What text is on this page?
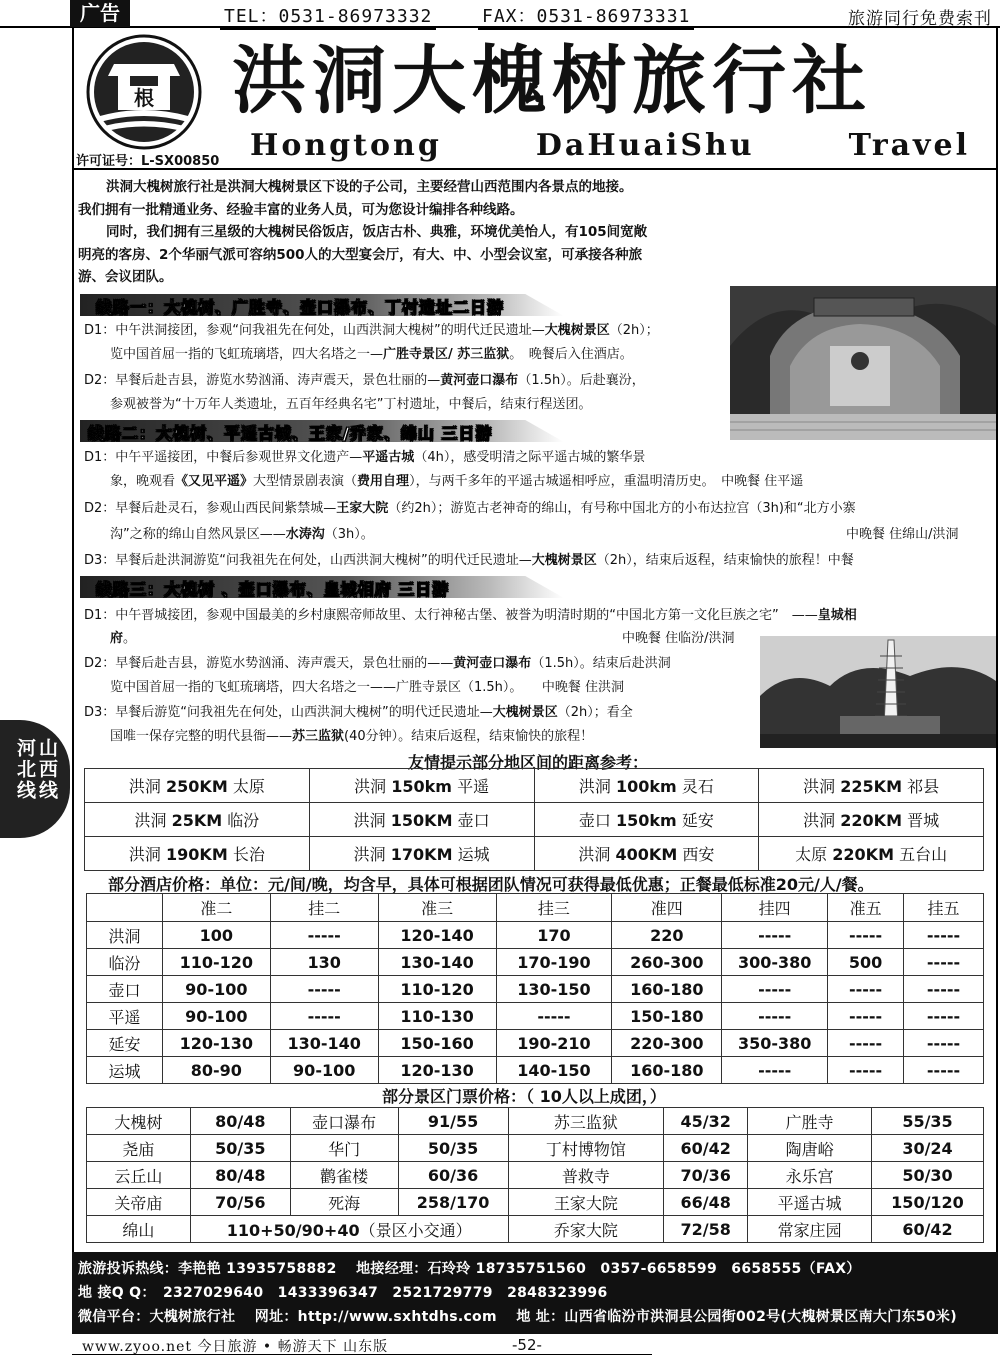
广告	TEL：0531-86973332	FAX：0531-86973331	旅游同行免费索刊
根
许可证号：L-SX00850
洪洞大槐树旅行社
Hongtong	DaHuaiShu	Travel

洪洞大槐树旅行社是洪洞大槐树景区下设的子公司，主要经营山西范围内各景点的地接。

我们拥有一批精通业务、经验丰富的业务人员，可为您设计编排各种线路。

同时，我们拥有三星级的大槐树民俗饭店，饭店古朴、典雅，环境优美怡人，有105间宽敞

明亮的客房、2个华丽气派可容纳500人的大型宴会厅，有大、中、小型会议室，可承接各种旅

游、会议团队。

线路一：大槐树、广胜寺、壶口瀑布、丁村遗址二日游
D1：中午洪洞接团，参观“问我祖先在何处，山西洪洞大槐树”的明代迁民遗址—大槐树景区（2h）；
　　览中国首屈一指的飞虹琉璃塔，四大名塔之一—广胜寺景区/ 苏三监狱。　晚餐后入住酒店。
D2：早餐后赴吉县，游览水势汹涌、涛声震天，景色壮丽的—黄河壶口瀑布（1.5h）。后赴襄汾，
　　参观被誉为“十万年人类遗址，五百年经典名宅”丁村遗址，中餐后，结束行程送团。
线路二：大槐树、平遥古城、王家/乔家、绵山 三日游
D1：中午平遥接团，中餐后参观世界文化遗产—平遥古城（4h），感受明清之际平遥古城的繁华景
　　象，晚观看《又见平遥》大型情景剧表演（费用自理），与两千多年的平遥古城遥相呼应，重温明清历史。　中晚餐 住平遥
D2：早餐后赴灵石，参观山西民间紫禁城—王家大院（约2h）；游览古老神奇的绵山，有号称中国北方的小布达拉宫（3h)和“北方小寨
　　沟”之称的绵山自然风景区——水涛沟（3h）。	中晚餐 住绵山/洪洞
D3：早餐后赴洪洞游览“问我祖先在何处，山西洪洞大槐树”的明代迁民遗址—大槐树景区（2h），结束后返程，结束愉快的旅程！中餐
线路三：大槐树 、壶口瀑布、皇城相府 三日游
D1：中午晋城接团，参观中国最美的乡村康熙帝师故里、太行神秘古堡、被誉为明清时期的“中国北方第一文化巨族之宅”　——皇城相
　　府。	中晚餐 住临汾/洪洞
D2：早餐后赴吉县，游览水势汹涌、涛声震天，景色壮丽的——黄河壶口瀑布（1.5h）。结束后赴洪洞
　　览中国首屈一指的飞虹琉璃塔，四大名塔之一——广胜寺景区（1.5h）。　　中晚餐 住洪洞
D3：早餐后游览“问我祖先在何处，山西洪洞大槐树”的明代迁民遗址—大槐树景区（2h）；看全
　　国唯一保存完整的明代县衙——苏三监狱(40分钟）。结束后返程，结束愉快的旅程！
山西线
河北线	友情提示部分地区间的距离参考：
洪洞 250KM 太原	洪洞 150km 平遥	洪洞 100km 灵石	洪洞 225KM 祁县
洪洞 25KM 临汾	洪洞 150KM 壶口	壶口 150km 延安	洪洞 220KM 晋城
洪洞 190KM 长治	洪洞 170KM 运城	洪洞 400KM 西安	太原 220KM 五台山
部分酒店价格：单位：元/间/晚，均含早，具体可根据团队情况可获得最低优惠；正餐最低标准20元/人/餐。
	准二	挂二	准三	挂三	准四	挂四	准五	挂五
洪洞	100	-----	120-140	170	220	-----	-----	-----
临汾	110-120	130	130-140	170-190	260-300	300-380	500	-----
壶口	90-100	-----	110-120	130-150	160-180	-----	-----	-----
平遥	90-100	-----	110-130	-----	150-180	-----	-----	-----
延安	120-130	130-140	150-160	190-210	220-300	350-380	-----	-----
运城	80-90	90-100	120-130	140-150	160-180	-----	-----	-----
部分景区门票价格：（ 10人以上成团，）
大槐树	80/48	壶口瀑布	91/55	苏三监狱	45/32	广胜寺	55/35
尧庙	50/35	华门	50/35	丁村博物馆	60/42	陶唐峪	30/24
云丘山	80/48	鹳雀楼	60/36	普救寺	70/36	永乐宫	50/30
关帝庙	70/56	死海	258/170	王家大院	66/48	平遥古城	150/120
绵山	110+50/90+40（景区小交通）			乔家大院	72/58	常家庄园	60/42
旅游投诉热线：李艳艳 13935758882　 地接经理：石玲玲 18735751560　0357-6658599　6658555（FAX）
地 接Q Q：　2327029640　1433396347　2521729779　2848323996
微信平台：大槐树旅行社　 网址：http://www.sxhtdhs.com　 地 址：山西省临汾市洪洞县公园街002号(大槐树景区南大门东50米)
www.zyoo.net 今日旅游 • 畅游天下 山东版	-52-
